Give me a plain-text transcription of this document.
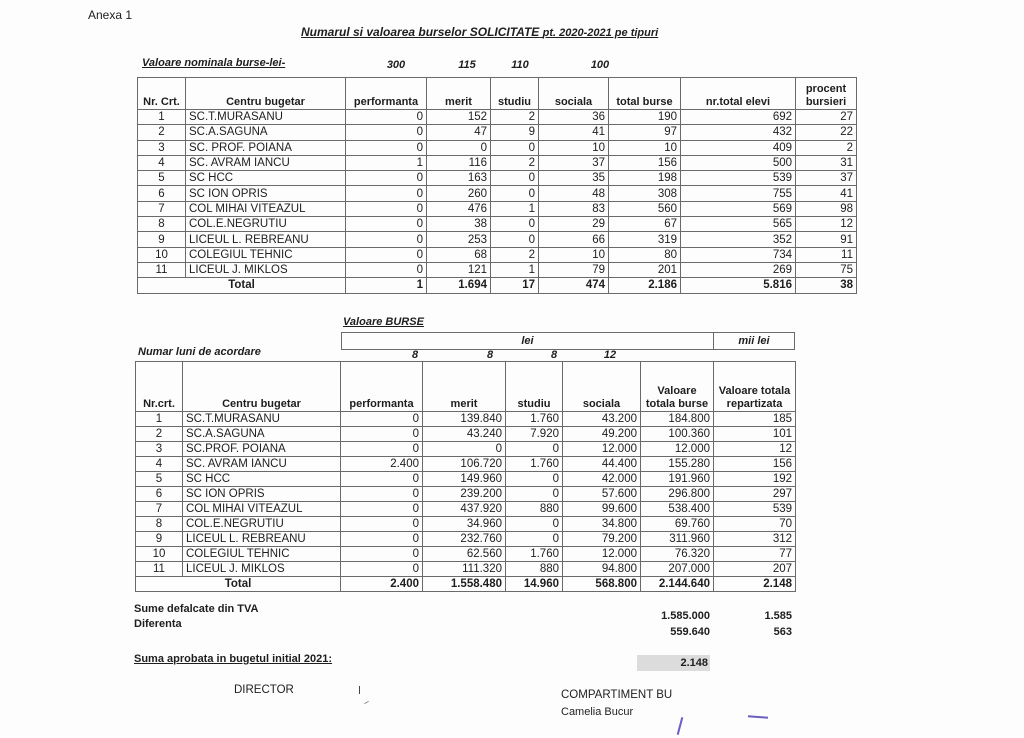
Anexa 1
Numarul si valoarea burselor SOLICITATE pt. 2020-2021 pe tipuri
Valoare nominala burse-lei-	300	115	110	100
Nr. Crt.	Centru bugetar	performanta	merit	studiu	sociala	total burse	nr.total elevi	procent bursieri
1	SC.T.MURASANU	0	152	2	36	190	692	27
2	SC.A.SAGUNA	0	47	9	41	97	432	22
3	SC. PROF. POIANA	0	0	0	10	10	409	2
4	SC. AVRAM IANCU	1	116	2	37	156	500	31
5	SC HCC	0	163	0	35	198	539	37
6	SC ION OPRIS	0	260	0	48	308	755	41
7	COL MIHAI VITEAZUL	0	476	1	83	560	569	98
8	COL.E.NEGRUTIU	0	38	0	29	67	565	12
9	LICEUL L. REBREANU	0	253	0	66	319	352	91
10	COLEGIUL TEHNIC	0	68	2	10	80	734	11
11	LICEUL J. MIKLOS	0	121	1	79	201	269	75
Total		1	1.694	17	474	2.186	5.816	38
Valoare BURSE
lei	mii lei
Numar luni de acordare	8	8	8	12
Nr.crt.	Centru bugetar	performanta	merit	studiu	sociala	Valoare totala burse	Valoare totala repartizata
1	SC.T.MURASANU	0	139.840	1.760	43.200	184.800	185
2	SC.A.SAGUNA	0	43.240	7.920	49.200	100.360	101
3	SC.PROF. POIANA	0	0	0	12.000	12.000	12
4	SC. AVRAM IANCU	2.400	106.720	1.760	44.400	155.280	156
5	SC HCC	0	149.960	0	42.000	191.960	192
6	SC ION OPRIS	0	239.200	0	57.600	296.800	297
7	COL MIHAI VITEAZUL	0	437.920	880	99.600	538.400	539
8	COL.E.NEGRUTIU	0	34.960	0	34.800	69.760	70
9	LICEUL L. REBREANU	0	232.760	0	79.200	311.960	312
10	COLEGIUL TEHNIC	0	62.560	1.760	12.000	76.320	77
11	LICEUL J. MIKLOS	0	111.320	880	94.800	207.000	207
Total		2.400	1.558.480	14.960	568.800	2.144.640	2.148
Sume defalcate din TVA
1.585.000	1.585
Diferenta
559.640	563
Suma aprobata in bugetul initial 2021:	2.148
DIRECTOR	COMPARTIMENT BU
Camelia Bucur
